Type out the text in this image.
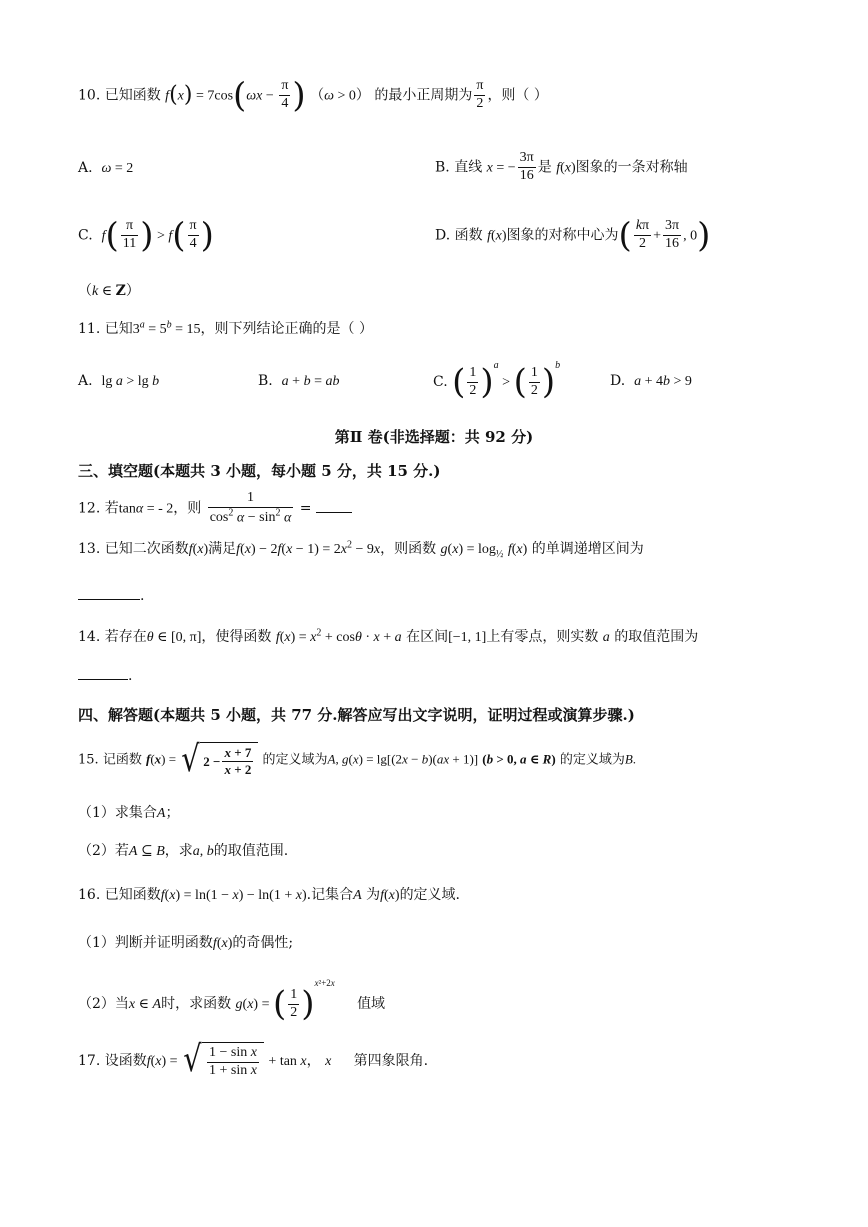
10. 已知函数 $f(x) = 7\cos(\omega x - \frac{\pi}{4}$ ) （ω > 0） 的最小正周期为 $\frac{\pi}{2}$ ，则（ ）
A. ω = 2	B. 直线 x = − $\frac{3\pi}{16}$ 是 f(x)图象的一条对称轴
C. $f( \frac{\pi}{11}$ ) > $f( \frac{\pi}{4}$ )	D. 函数 f(x)图象的对称中心为( $\frac{k\pi}{2} + \frac{3\pi}{16}$ , 0)
（k ∈ Z）
11. 已知$3^a = 5^b = 15$，则下列结论正确的是（ ）
A. lg a > lg b	B. a + b = ab	C. ( $\frac{1}{2} )^a$ > ( $\frac{1}{2} )^b$
D. a + 4b > 9
第Ⅱ 卷(非选择题：共 92 分)
三、填空题(本题共 3 小题，每小题 5 分，共 15 分.)
12. 若tanα = - 2，则 $\frac{1}{\cos^2 \alpha - \sin^2 \alpha}$ =
13. 已知二次函数f(x)满足$f(x) - 2f(x - 1) = 2x^2 - 9x$，则函数 $g(x) = \log_{\frac{1}{2}} f(x)$ 的单调递增区间为
.
14. 若存在θ ∈ [0, π]，使得函数 $f(x) = x^2 + \cos\theta \cdot x + a$ 在区间[−1, 1]上有零点，则实数 a 的取值范围为
.
四、解答题(本题共 5 小题，共 77 分.解答应写出文字说明，证明过程或演算步骤.)
15. 记函数 f(x) = √ $2 - \frac{x + 7}{x + 2}$ 的定义域为A, g(x) = lg[(2x − b)(ax + 1)] (b > 0, a ∈ R) 的定义域为B.
（1）求集合A；
（2）若A ⊆ B，求a, b的取值范围.
16. 已知函数f(x) = ln(1 − x) − ln(1 + x).记集合A 为f(x)的定义域.
（1）判断并证明函数f(x)的奇偶性;
（2）当x ∈ A时，求函数 g(x) = ( $\frac{1}{2} )^{x^2+2x}$     值域
17. 设函数f(x) = √ $\frac{\text{1 − sin x}}{\text{1 + sin x}} + \tan x$， x 第四象限角.
